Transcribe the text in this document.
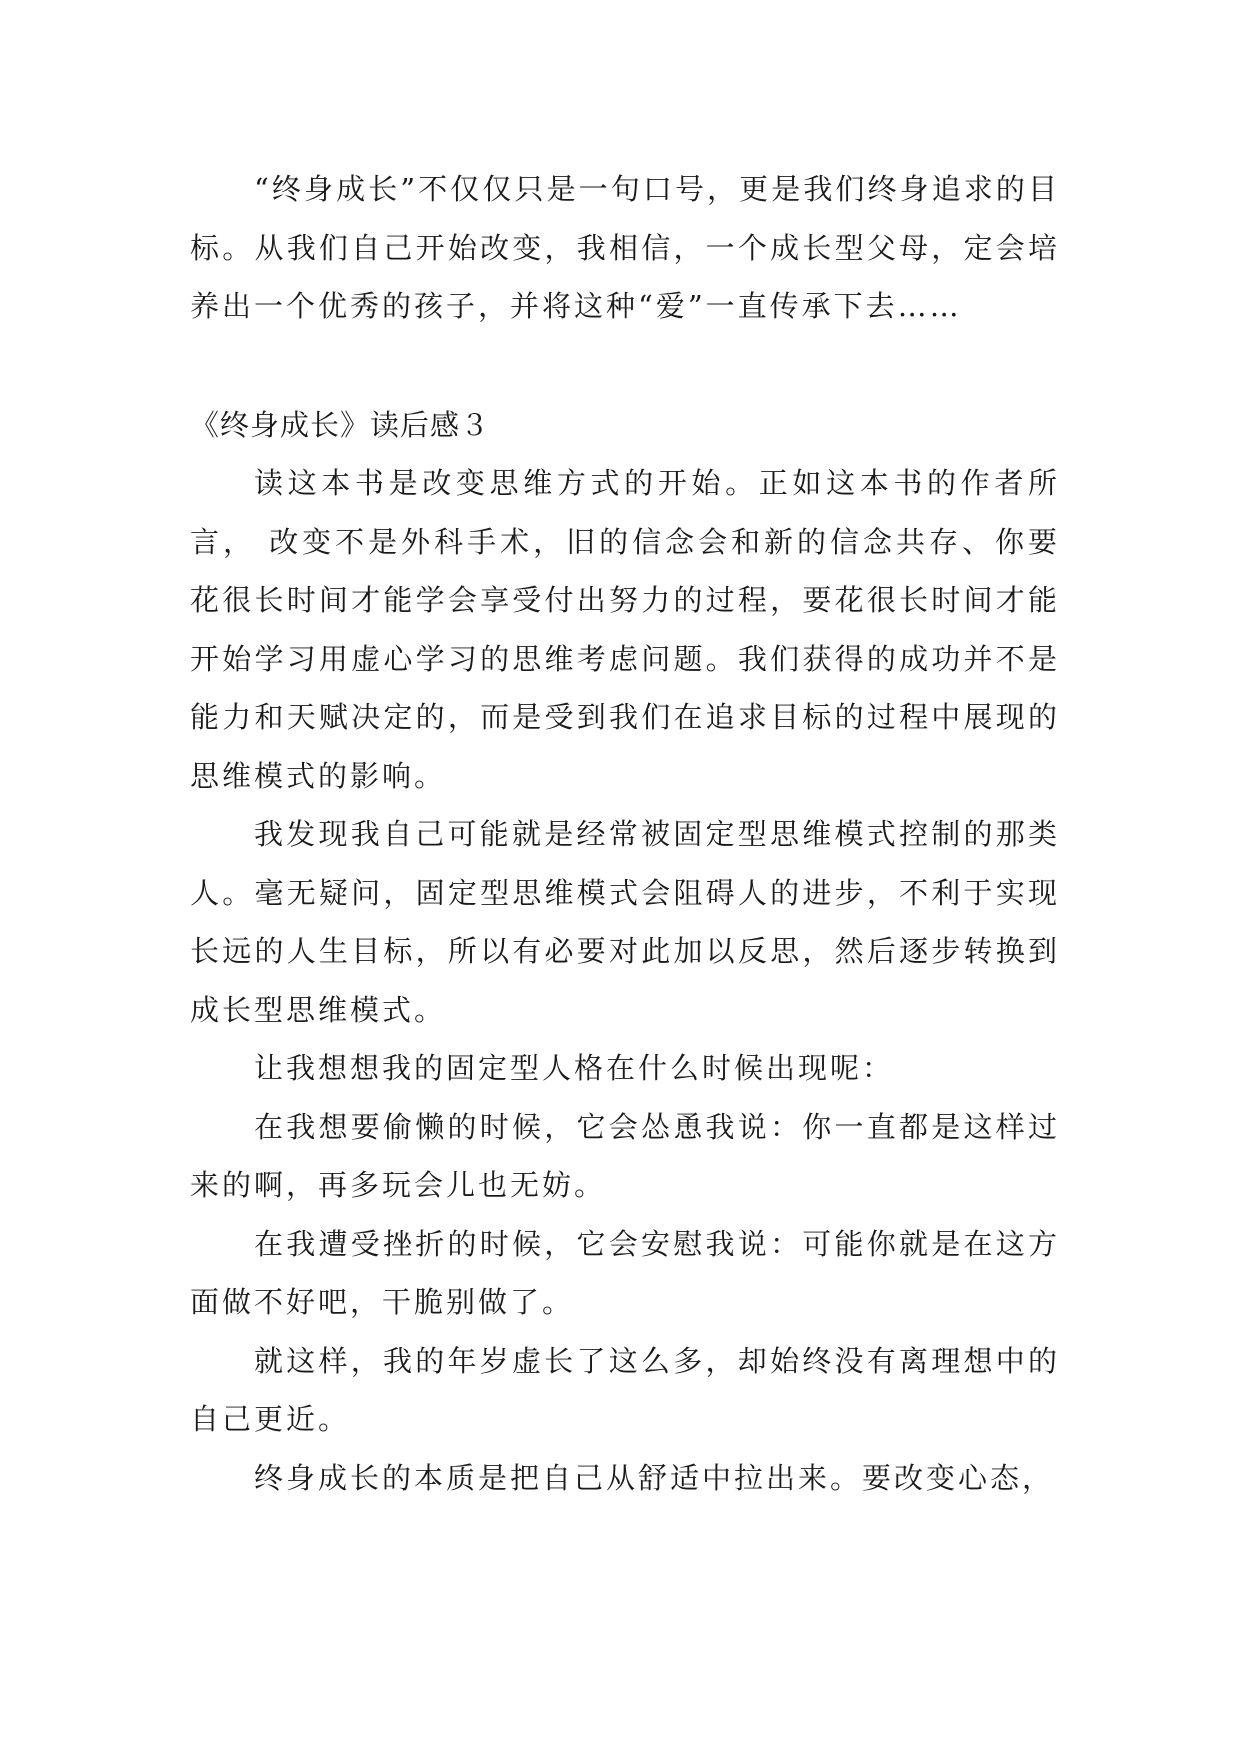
“终身成长”不仅仅只是一句口号，更是我们终身追求的目标。从我们自己开始改变，我相信，一个成长型父母，定会培养出一个优秀的孩子，并将这种“爱”一直传承下去……

《终身成长》读后感３

读这本书是改变思维方式的开始。正如这本书的作者所言， 改变不是外科手术，旧的信念会和新的信念共存、你要花很长时间才能学会享受付出努力的过程，要花很长时间才能开始学习用虚心学习的思维考虑问题。我们获得的成功并不是能力和天赋决定的，而是受到我们在追求目标的过程中展现的思维模式的影响。

我发现我自己可能就是经常被固定型思维模式控制的那类人。毫无疑问，固定型思维模式会阻碍人的进步，不利于实现长远的人生目标，所以有必要对此加以反思，然后逐步转换到成长型思维模式。

让我想想我的固定型人格在什么时候出现呢：

在我想要偷懒的时候，它会怂恿我说：你一直都是这样过来的啊，再多玩会儿也无妨。

在我遭受挫折的时候，它会安慰我说：可能你就是在这方面做不好吧，干脆别做了。

就这样，我的年岁虚长了这么多，却始终没有离理想中的自己更近。

终身成长的本质是把自己从舒适中拉出来。要改变心态，
